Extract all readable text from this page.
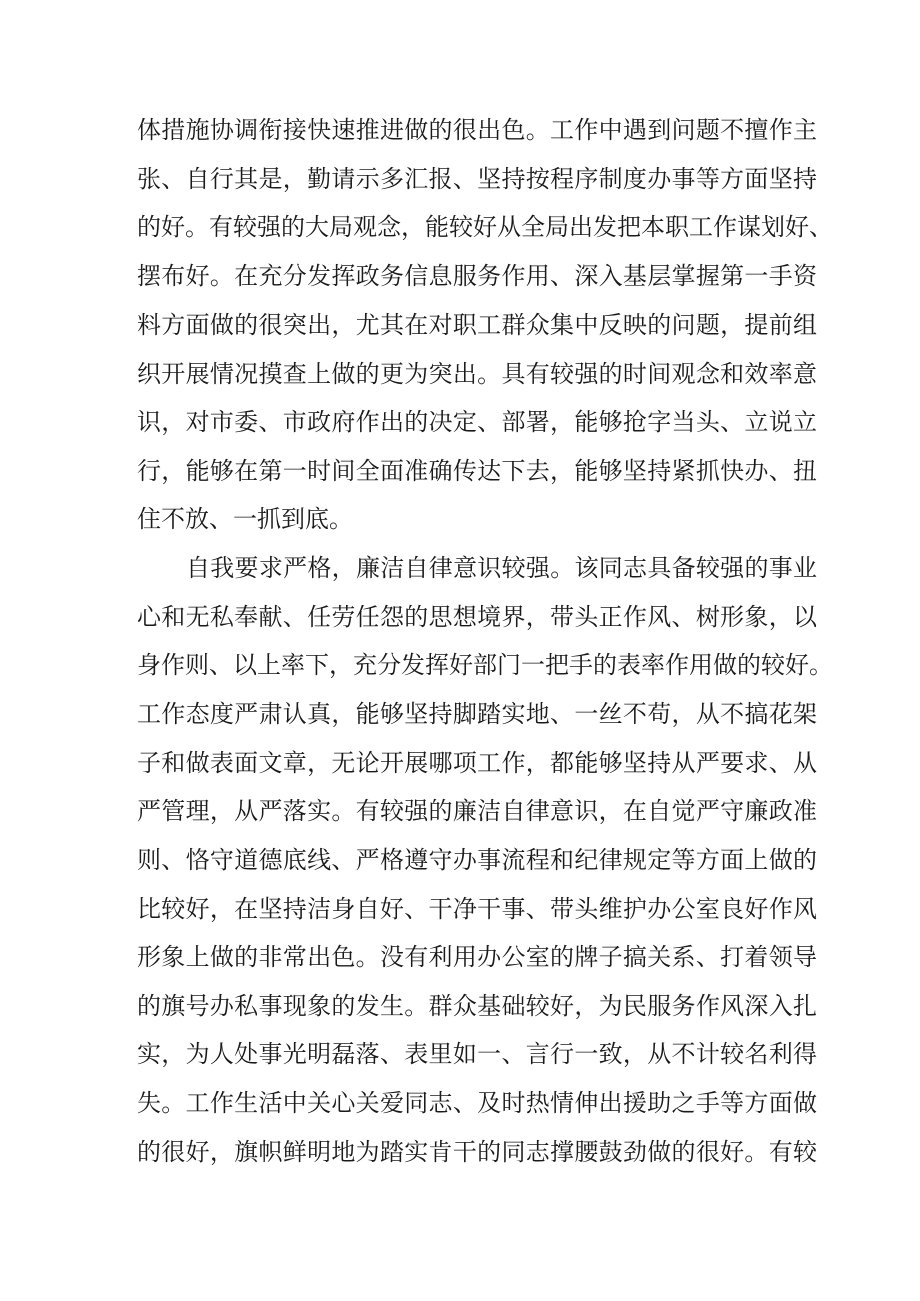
体措施协调衔接快速推进做的很出色。工作中遇到问题不擅作主
张、自行其是，勤请示多汇报、坚持按程序制度办事等方面坚持
的好。有较强的大局观念，能较好从全局出发把本职工作谋划好、
摆布好。在充分发挥政务信息服务作用、深入基层掌握第一手资
料方面做的很突出，尤其在对职工群众集中反映的问题，提前组
织开展情况摸查上做的更为突出。具有较强的时间观念和效率意
识，对市委、市政府作出的决定、部署，能够抢字当头、立说立
行，能够在第一时间全面准确传达下去，能够坚持紧抓快办、扭
住不放、一抓到底。
自我要求严格，廉洁自律意识较强。该同志具备较强的事业
心和无私奉献、任劳任怨的思想境界，带头正作风、树形象，以
身作则、以上率下，充分发挥好部门一把手的表率作用做的较好。
工作态度严肃认真，能够坚持脚踏实地、一丝不苟，从不搞花架
子和做表面文章，无论开展哪项工作，都能够坚持从严要求、从
严管理，从严落实。有较强的廉洁自律意识，在自觉严守廉政准
则、恪守道德底线、严格遵守办事流程和纪律规定等方面上做的
比较好，在坚持洁身自好、干净干事、带头维护办公室良好作风
形象上做的非常出色。没有利用办公室的牌子搞关系、打着领导
的旗号办私事现象的发生。群众基础较好，为民服务作风深入扎
实，为人处事光明磊落、表里如一、言行一致，从不计较名利得
失。工作生活中关心关爱同志、及时热情伸出援助之手等方面做
的很好，旗帜鲜明地为踏实肯干的同志撑腰鼓劲做的很好。有较
